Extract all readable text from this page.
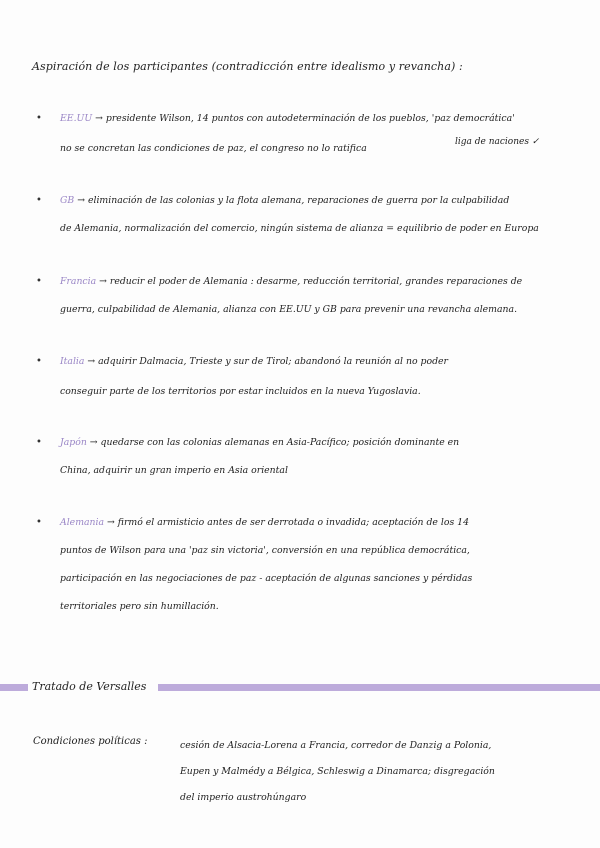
Aspiración de los participantes (contradicción entre idealismo y revancha) :
• EE.UU → presidente Wilson, 14 puntos con autodeterminación de los pueblos, 'paz democrática'
no se concretan las condiciones de paz, el congreso no lo ratifica
liga de naciones ✓
• GB → eliminación de las colonias y la flota alemana, reparaciones de guerra por la culpabilidad
de Alemania, normalización del comercio, ningún sistema de alianza = equilibrio de poder en Europa
• Francia → reducir el poder de Alemania : desarme, reducción territorial, grandes reparaciones de
guerra, culpabilidad de Alemania, alianza con EE.UU y GB para prevenir una revancha alemana.
• Italia → adquirir Dalmacia, Trieste y sur de Tirol; abandonó la reunión al no poder
conseguir parte de los territorios por estar incluidos en la nueva Yugoslavia.
• Japón → quedarse con las colonias alemanas en Asia-Pacífico; posición dominante en
China, adquirir un gran imperio en Asia oriental
• Alemania → firmó el armisticio antes de ser derrotada o invadida; aceptación de los 14
puntos de Wilson para una 'paz sin victoria', conversión en una república democrática,
participación en las negociaciones de paz - aceptación de algunas sanciones y pérdidas
territoriales pero sin humillación.
Tratado de Versalles
Condiciones políticas :	cesión de Alsacia-Lorena a Francia, corredor de Danzig a Polonia,
Eupen y Malmédy a Bélgica, Schleswig a Dinamarca; disgregación
del imperio austrohúngaro
